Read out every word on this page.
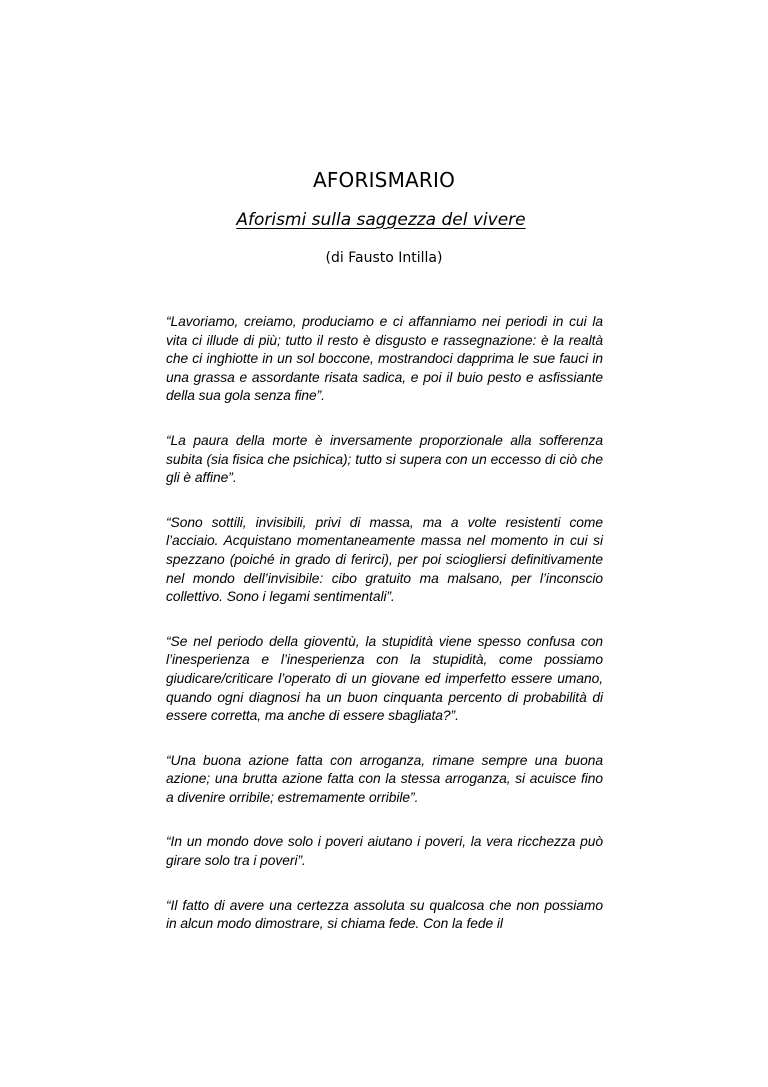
AFORISMARIO
Aforismi sulla saggezza del vivere
(di Fausto Intilla)

“Lavoriamo, creiamo, produciamo e ci affanniamo nei periodi in cui la vita ci illude di più; tutto il resto è disgusto e rassegnazione: è la realtà che ci inghiotte in un sol boccone, mostrandoci dapprima le sue fauci in una grassa e assordante risata sadica, e poi il buio pesto e asfissiante della sua gola senza fine”.

“La paura della morte è inversamente proporzionale alla sofferenza subita (sia fisica che psichica); tutto si supera con un eccesso di ciò che gli è affine”.

“Sono sottili, invisibili, privi di massa, ma a volte resistenti come l’acciaio. Acquistano momentaneamente massa nel momento in cui si spezzano (poiché in grado di ferirci), per poi sciogliersi definitivamente nel mondo dell’invisibile: cibo gratuito ma malsano, per l’inconscio collettivo. Sono i legami sentimentali”.

“Se nel periodo della gioventù, la stupidità viene spesso confusa con l’inesperienza e l’inesperienza con la stupidità, come possiamo giudicare/criticare l’operato di un giovane ed imperfetto essere umano, quando ogni diagnosi ha un buon cinquanta percento di probabilità di essere corretta, ma anche di essere sbagliata?”.

“Una buona azione fatta con arroganza, rimane sempre una buona azione; una brutta azione fatta con la stessa arroganza, si acuisce fino a divenire orribile; estremamente orribile”.

“In un mondo dove solo i poveri aiutano i poveri, la vera ricchezza può girare solo tra i poveri”.

“Il fatto di avere una certezza assoluta su qualcosa che non possiamo in alcun modo dimostrare, si chiama fede. Con la fede il
